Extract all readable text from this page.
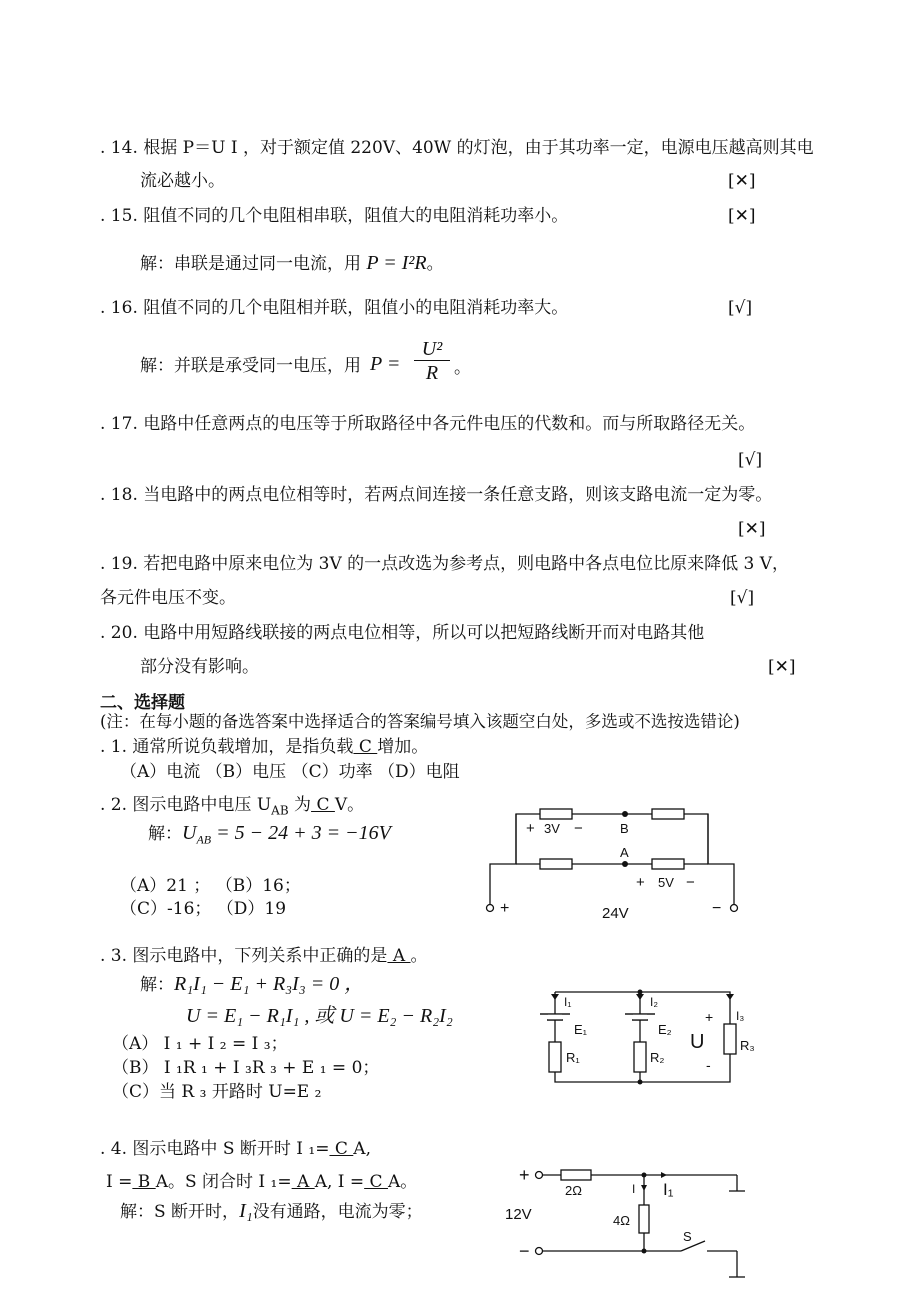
. 14. 根据 P＝U I ，对于额定值 220V、40W 的灯泡，由于其功率一定，电源电压越高则其电
流必越小。	[✕]
. 15. 阻值不同的几个电阻相串联，阻值大的电阻消耗功率小。	[✕]
解：串联是通过同一电流，用 P = I²R。
. 16. 阻值不同的几个电阻相并联，阻值小的电阻消耗功率大。	[√]
解：并联是承受同一电压，用 $P = \frac{\text{U²}}{R}$ 。
. 17. 电路中任意两点的电压等于所取路径中各元件电压的代数和。而与所取路径无关。
[√]
. 18. 当电路中的两点电位相等时，若两点间连接一条任意支路，则该支路电流一定为零。
[✕]
. 19. 若把电路中原来电位为 3V 的一点改选为参考点，则电路中各点电位比原来降低 3 V，
各元件电压不变。	[√]
. 20. 电路中用短路线联接的两点电位相等，所以可以把短路线断开而对电路其他
部分没有影响。	[✕]
二、选择题
(注：在每小题的备选答案中选择适合的答案编号填入该题空白处，多选或不选按选错论)
. 1. 通常所说负载增加，是指负载 C 增加。
（A）电流 （B）电压 （C）功率 （D）电阻
. 2. 图示电路中电压 $U_{AB}$ 为 C V。
解：$U_{AB} = 5 - 24 + 3 = -16V$
（A）21 ； （B）16；
（C）-16； （D）19
. 3. 图示电路中，下列关系中正确的是 A 。
解：R₁I₁ − E₁ + R₃I₃ = 0 ，
U = E₁ − R₁I₁ , 或 U = E₂ − R₂I₂
（A） I ₁ + I ₂ = I ₃；
（B） I ₁R ₁ + I ₃R ₃ + E ₁ = 0；
（C）当 R ₃ 开路时 U=E ₂
. 4. 图示电路中 S 断开时 I ₁= C A,
I = B A。S 闭合时 I ₁= A A, I = C A。
解：S 断开时，I₁没有通路，电流为零；
+ 3V −	B
A
+ 5V −
+	−
24V
I₁	I₂
I₃
E₁	E₂
R₁	R₂
R₃
+
U
-
+
−
2Ω
4Ω
I I₁
12V
S
